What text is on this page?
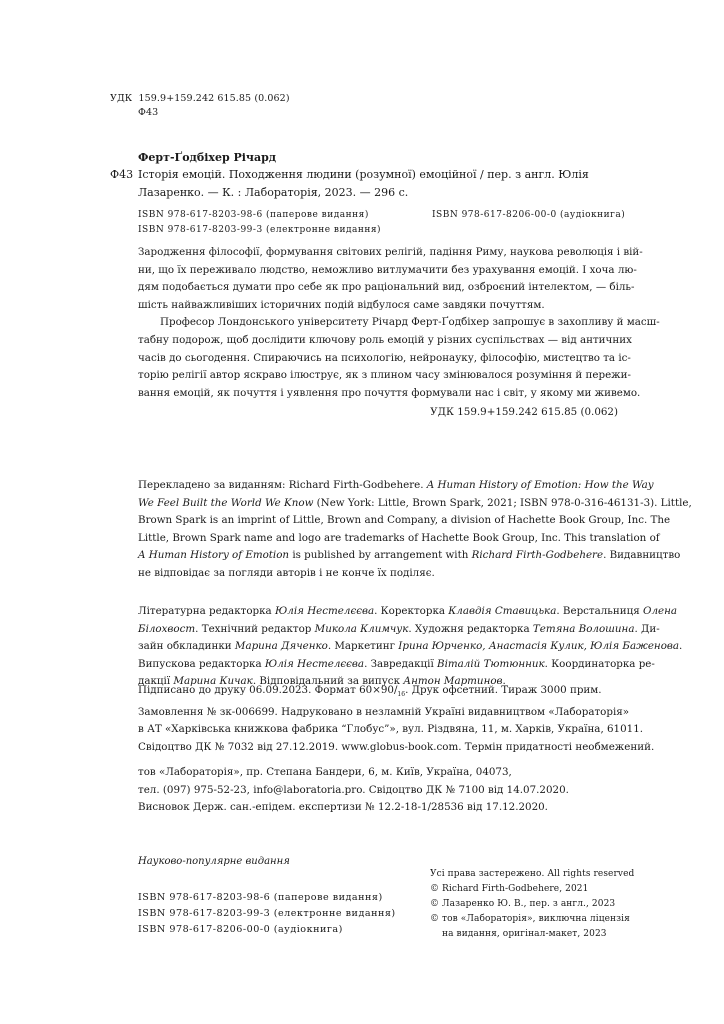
УДК 159.9+159.242 615.85 (0.062)
Ф43
Ферт-Ґодбіхер Річард
Ф43 Історія емоцій. Походження людини (розумної) емоційної / пер. з англ. Юлія
Лазаренко. — К. : Лабораторія, 2023. — 296 с.
ISBN 978-617-8203-98-6 (паперове видання)
ISBN 978-617-8203-99-3 (електронне видання)
ISBN 978-617-8206-00-0 (аудіокнига)
Зародження філософії, формування світових релігій, падіння Риму, наукова революція і вій-
ни, що їх переживало людство, неможливо витлумачити без урахування емоцій. І хоча лю-
дям подобається думати про себе як про раціональний вид, озброєний інтелектом, — біль-
шість найважливіших історичних подій відбулося саме завдяки почуттям.
Професор Лондонського університету Річард Ферт-Ґодбіхер запрошує в захопливу й масш-
табну подорож, щоб дослідити ключову роль емоцій у різних суспільствах — від античних
часів до сьогодення. Спираючись на психологію, нейронауку, філософію, мистецтво та іс-
торію релігії автор яскраво ілюструє, як з плином часу змінювалося розуміння й пережи-
вання емоцій, як почуття і уявлення про почуття формували нас і світ, у якому ми живемо.
УДК 159.9+159.242 615.85 (0.062)
Перекладено за виданням: Richard Firth-Godbehere. A Human History of Emotion: How the Way
We Feel Built the World We Know (New York: Little, Brown Spark, 2021; ISBN 978-0-316-46131-3). Little,
Brown Spark is an imprint of Little, Brown and Company, a division of Hachette Book Group, Inc. The
Little, Brown Spark name and logo are trademarks of Hachette Book Group, Inc. This translation of
A Human History of Emotion is published by arrangement with Richard Firth-Godbehere. Видавництво
не відповідає за погляди авторів і не конче їх поділяє.
Літературна редакторка Юлія Нестелєєва. Коректорка Клавдія Ставицька. Верстальниця Олена
Білохвост. Технічний редактор Микола Климчук. Художня редакторка Тетяна Волошина. Ди-
зайн обкладинки Марина Дяченко. Маркетинг Ірина Юрченко, Анастасія Кулик, Юлія Баженова.
Випускова редакторка Юлія Нестелєєва. Завредакції Віталій Тютюнник. Координаторка ре-
дакції Марина Кичак. Відповідальний за випуск Антон Мартинов.
Підписано до друку 06.09.2023. Формат $60\times 90/_{16}$. Друк офсетний. Тираж 3000 прим.
Замовлення № зк-006699. Надруковано в незламній Україні видавництвом «Лабораторія»
в АТ «Харківська книжкова фабрика “Глобус”», вул. Різдвяна, 11, м. Харків, Україна, 61011.
Свідоцтво ДК № 7032 від 27.12.2019. www.globus-book.com. Термін придатності необмежений.
тов «Лабораторія», пр. Степана Бандери, 6, м. Київ, Україна, 04073,
тел. (097) 975-52-23, info@laboratoria.pro. Свідоцтво ДК № 7100 від 14.07.2020.
Висновок Держ. сан.-епідем. експертизи № 12.2-18-1/28536 від 17.12.2020.
Науково-популярне видання
ISBN 978-617-8203-98-6 (паперове видання)
ISBN 978-617-8203-99-3 (електронне видання)
ISBN 978-617-8206-00-0 (аудіокнига)
Усі права застережено. All rights reserved
© Richard Firth-Godbehere, 2021
© Лазаренко Ю. В., пер. з англ., 2023
© тов «Лабораторія», виключна ліцензія
на видання, оригінал-макет, 2023
